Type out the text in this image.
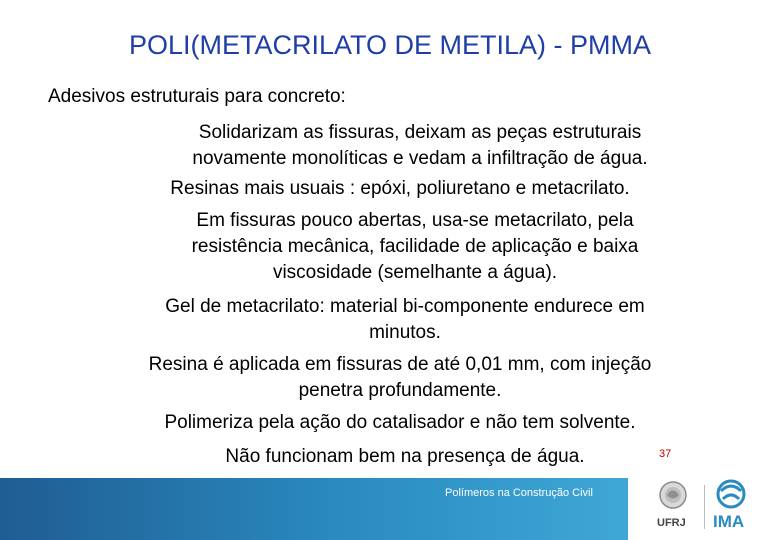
POLI(METACRILATO DE METILA) - PMMA
Adesivos estruturais para concreto:
Solidarizam as fissuras, deixam as peças estruturais
novamente monolíticas e vedam a infiltração de água.
Resinas mais usuais : epóxi, poliuretano e metacrilato.
Em fissuras pouco abertas, usa-se metacrilato, pela
resistência mecânica, facilidade de aplicação e baixa
viscosidade (semelhante a água).
Gel de metacrilato: material bi-componente endurece em
minutos.
Resina é aplicada em fissuras de até 0,01 mm, com injeção
penetra profundamente.
Polimeriza pela ação do catalisador e não tem solvente.
Não funcionam bem na presença de água.	37
Polímeros na Construção Civil
UFRJ IMA
